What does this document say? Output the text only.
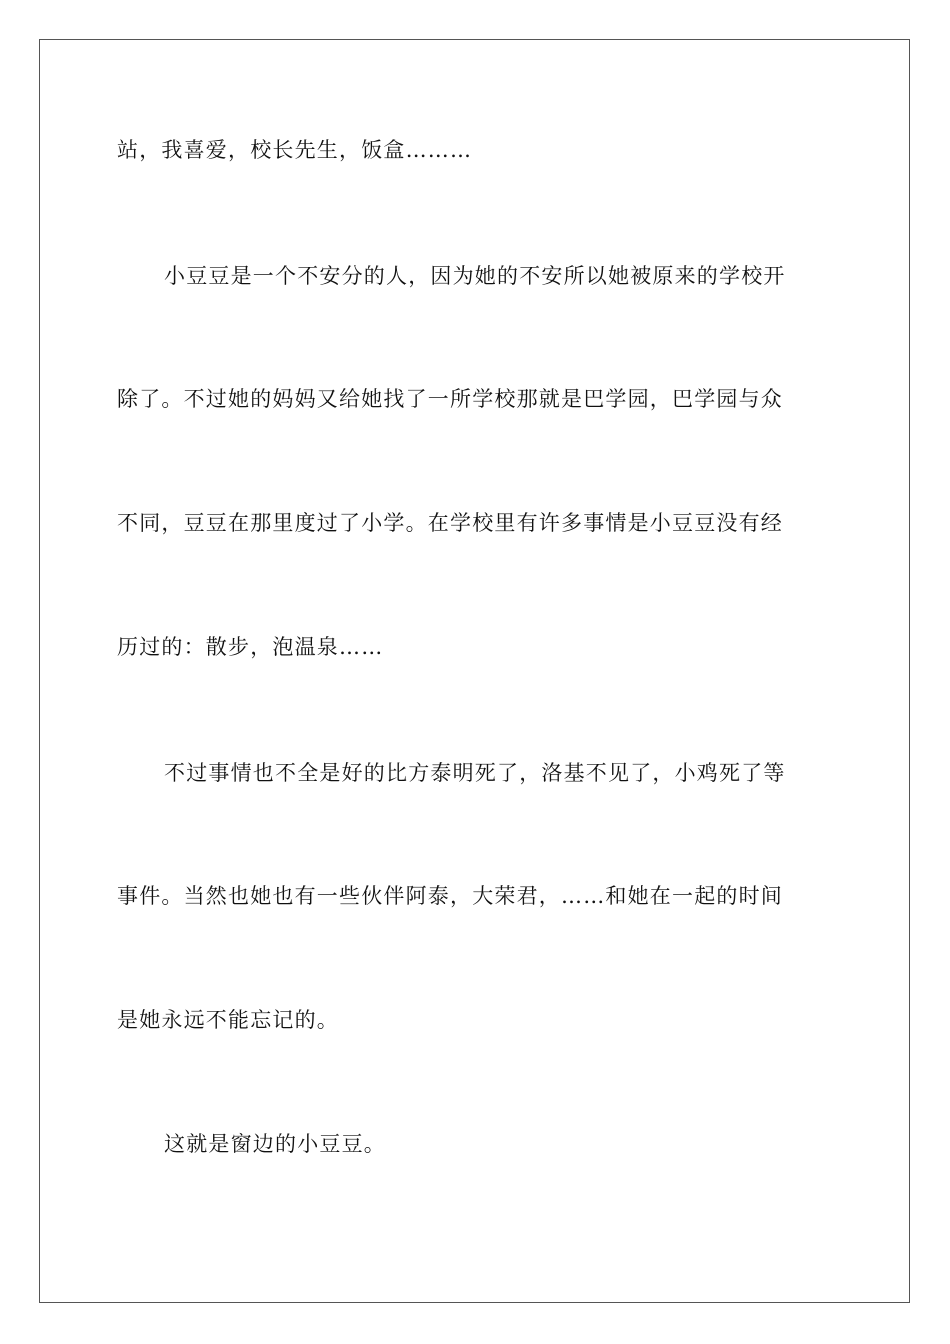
站，我喜爱，校长先生，饭盒………
小豆豆是一个不安分的人，因为她的不安所以她被原来的学校开
除了。不过她的妈妈又给她找了一所学校那就是巴学园，巴学园与众
不同，豆豆在那里度过了小学。在学校里有许多事情是小豆豆没有经
历过的：散步，泡温泉……
不过事情也不全是好的比方泰明死了，洛基不见了，小鸡死了等
事件。当然也她也有一些伙伴阿泰，大荣君，……和她在一起的时间
是她永远不能忘记的。
这就是窗边的小豆豆。
